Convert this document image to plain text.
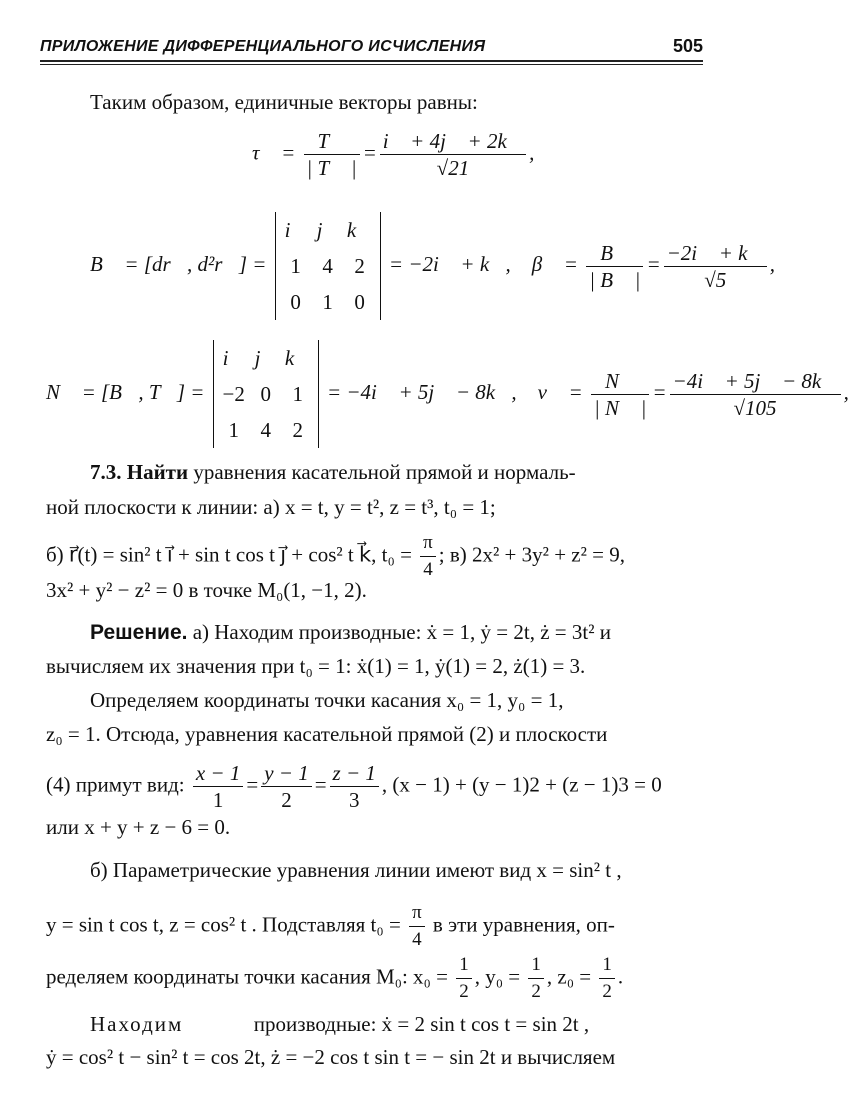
ПРИЛОЖЕНИЕ ДИФФЕРЕНЦИАЛЬНОГО ИСЧИСЛЕНИЯ	505
Таким образом, единичные векторы равны:
τ⃗ = $\frac{T⃗}{| T⃗ |} = \frac{i⃗ + 4j⃗ + 2k⃗}{√21}$ ,
B⃗ = [dr⃗, d²r⃗] =
i⃗	j⃗	k⃗
1	4	2
0	1	0
= −2i⃗ + k⃗, β⃗ = $\frac{B⃗}{| B⃗ |} = \frac{-2i⃗ + k⃗}{√5}$ ,
N⃗ = [B⃗, T⃗] =
i⃗	j⃗	k⃗
−2	0	1
1	4	2
= −4i⃗ + 5j⃗ − 8k⃗, ν⃗ = $\frac{N⃗}{| N⃗ |} = \frac{-4i⃗ + 5j⃗ - 8k⃗}{√105}$ ,
7.3. Найти уравнения касательной прямой и нормаль-
ной плоскости к линии: а) x = t, y = t², z = t³, t₀ = 1;
б) r⃗(t) = sin² t i⃗ + sin t cos t j⃗ + cos² t k⃗, $t_0 = \frac{\pi}{4}$ ; в) 2x² + 3y² + z² = 9,
3x² + y² − z² = 0 в точке M₀(1, −1, 2).
Решение. а) Находим производные: ẋ = 1, ẏ = 2t, ż = 3t² и
вычисляем их значения при t₀ = 1: ẋ(1) = 1, ẏ(1) = 2, ż(1) = 3.
Определяем координаты точки касания x₀ = 1, y₀ = 1,
z₀ = 1. Отсюда, уравнения касательной прямой (2) и плоскости
(4) примут вид: $\frac{x - 1}{1} = \frac{y - 1}{2} = \frac{z - 1}{3}$ , (x − 1) + (y − 1)2 + (z − 1)3 = 0
или x + y + z − 6 = 0.
б) Параметрические уравнения линии имеют вид x = sin² t ,
y = sin t cos t, z = cos² t . Подставляя $t_0 = \frac{\pi}{4}$ в эти уравнения, оп-
ределяем координаты точки касания M₀: $x_0 = \frac{1}{2}$ , $y_0 = \frac{1}{2}$ , $z_0 = \frac{1}{2}$ .
Находим	производные: ẋ = 2 sin t cos t = sin 2t ,
ẏ = cos² t − sin² t = cos 2t, ż = −2 cos t sin t = − sin 2t и вычисляем
